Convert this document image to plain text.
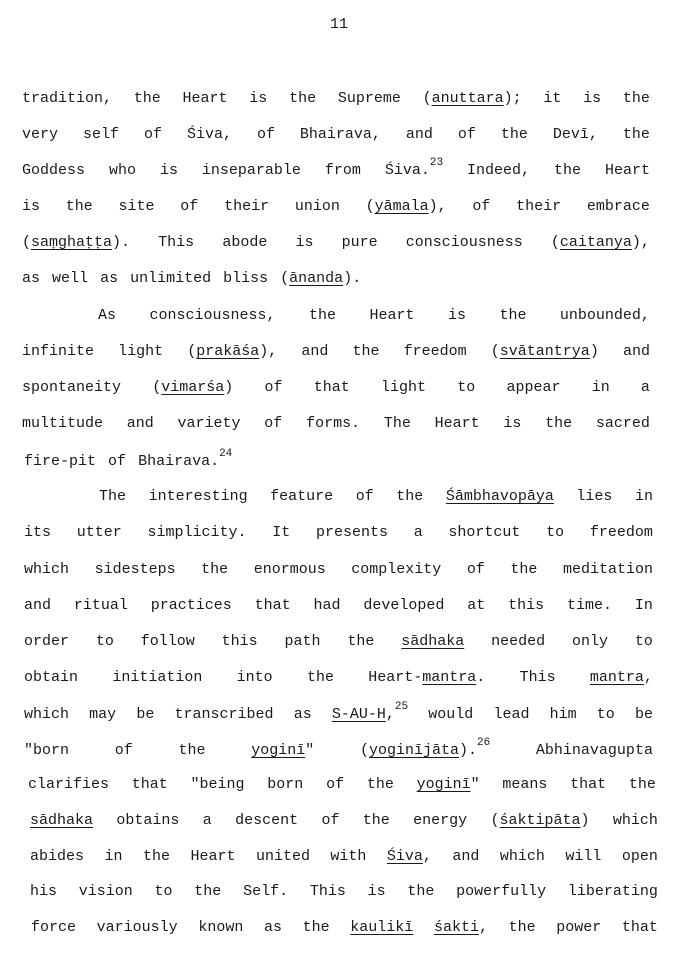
11
tradition, the Heart is the Supreme (anuttara); it is the
very self of Śiva, of Bhairava, and of the Devī, the
Goddess who is inseparable from Śiva.$^{23}$ Indeed, the Heart
is the site of their union (yāmala), of their embrace
(saṃghaṭṭa). This abode is pure consciousness (caitanya),
as well as unlimited bliss (ānanda).
As consciousness, the Heart is the unbounded,
infinite light (prakāśa), and the freedom (svātantrya) and
spontaneity (vimarśa) of that light to appear in a
multitude and variety of forms. The Heart is the sacred
fire-pit of Bhairava.$^{24}$
The interesting feature of the Śāmbhavopāya lies in
its utter simplicity. It presents a shortcut to freedom
which sidesteps the enormous complexity of the meditation
and ritual practices that had developed at this time. In
order to follow this path the sādhaka needed only to
obtain initiation into the Heart-mantra. This mantra,
which may be transcribed as S-AU-H,$^{25}$ would lead him to be
"born	of	the	yoginī"	(yoginījāta).$^{26}$	Abhinavagupta
clarifies that "being born of the yoginī" means that the
sādhaka obtains a descent of the energy (śaktipāta) which
abides in the Heart united with Śiva, and which will open
his vision to the Self. This is the powerfully liberating
force variously known as the kaulikī śakti, the power that
